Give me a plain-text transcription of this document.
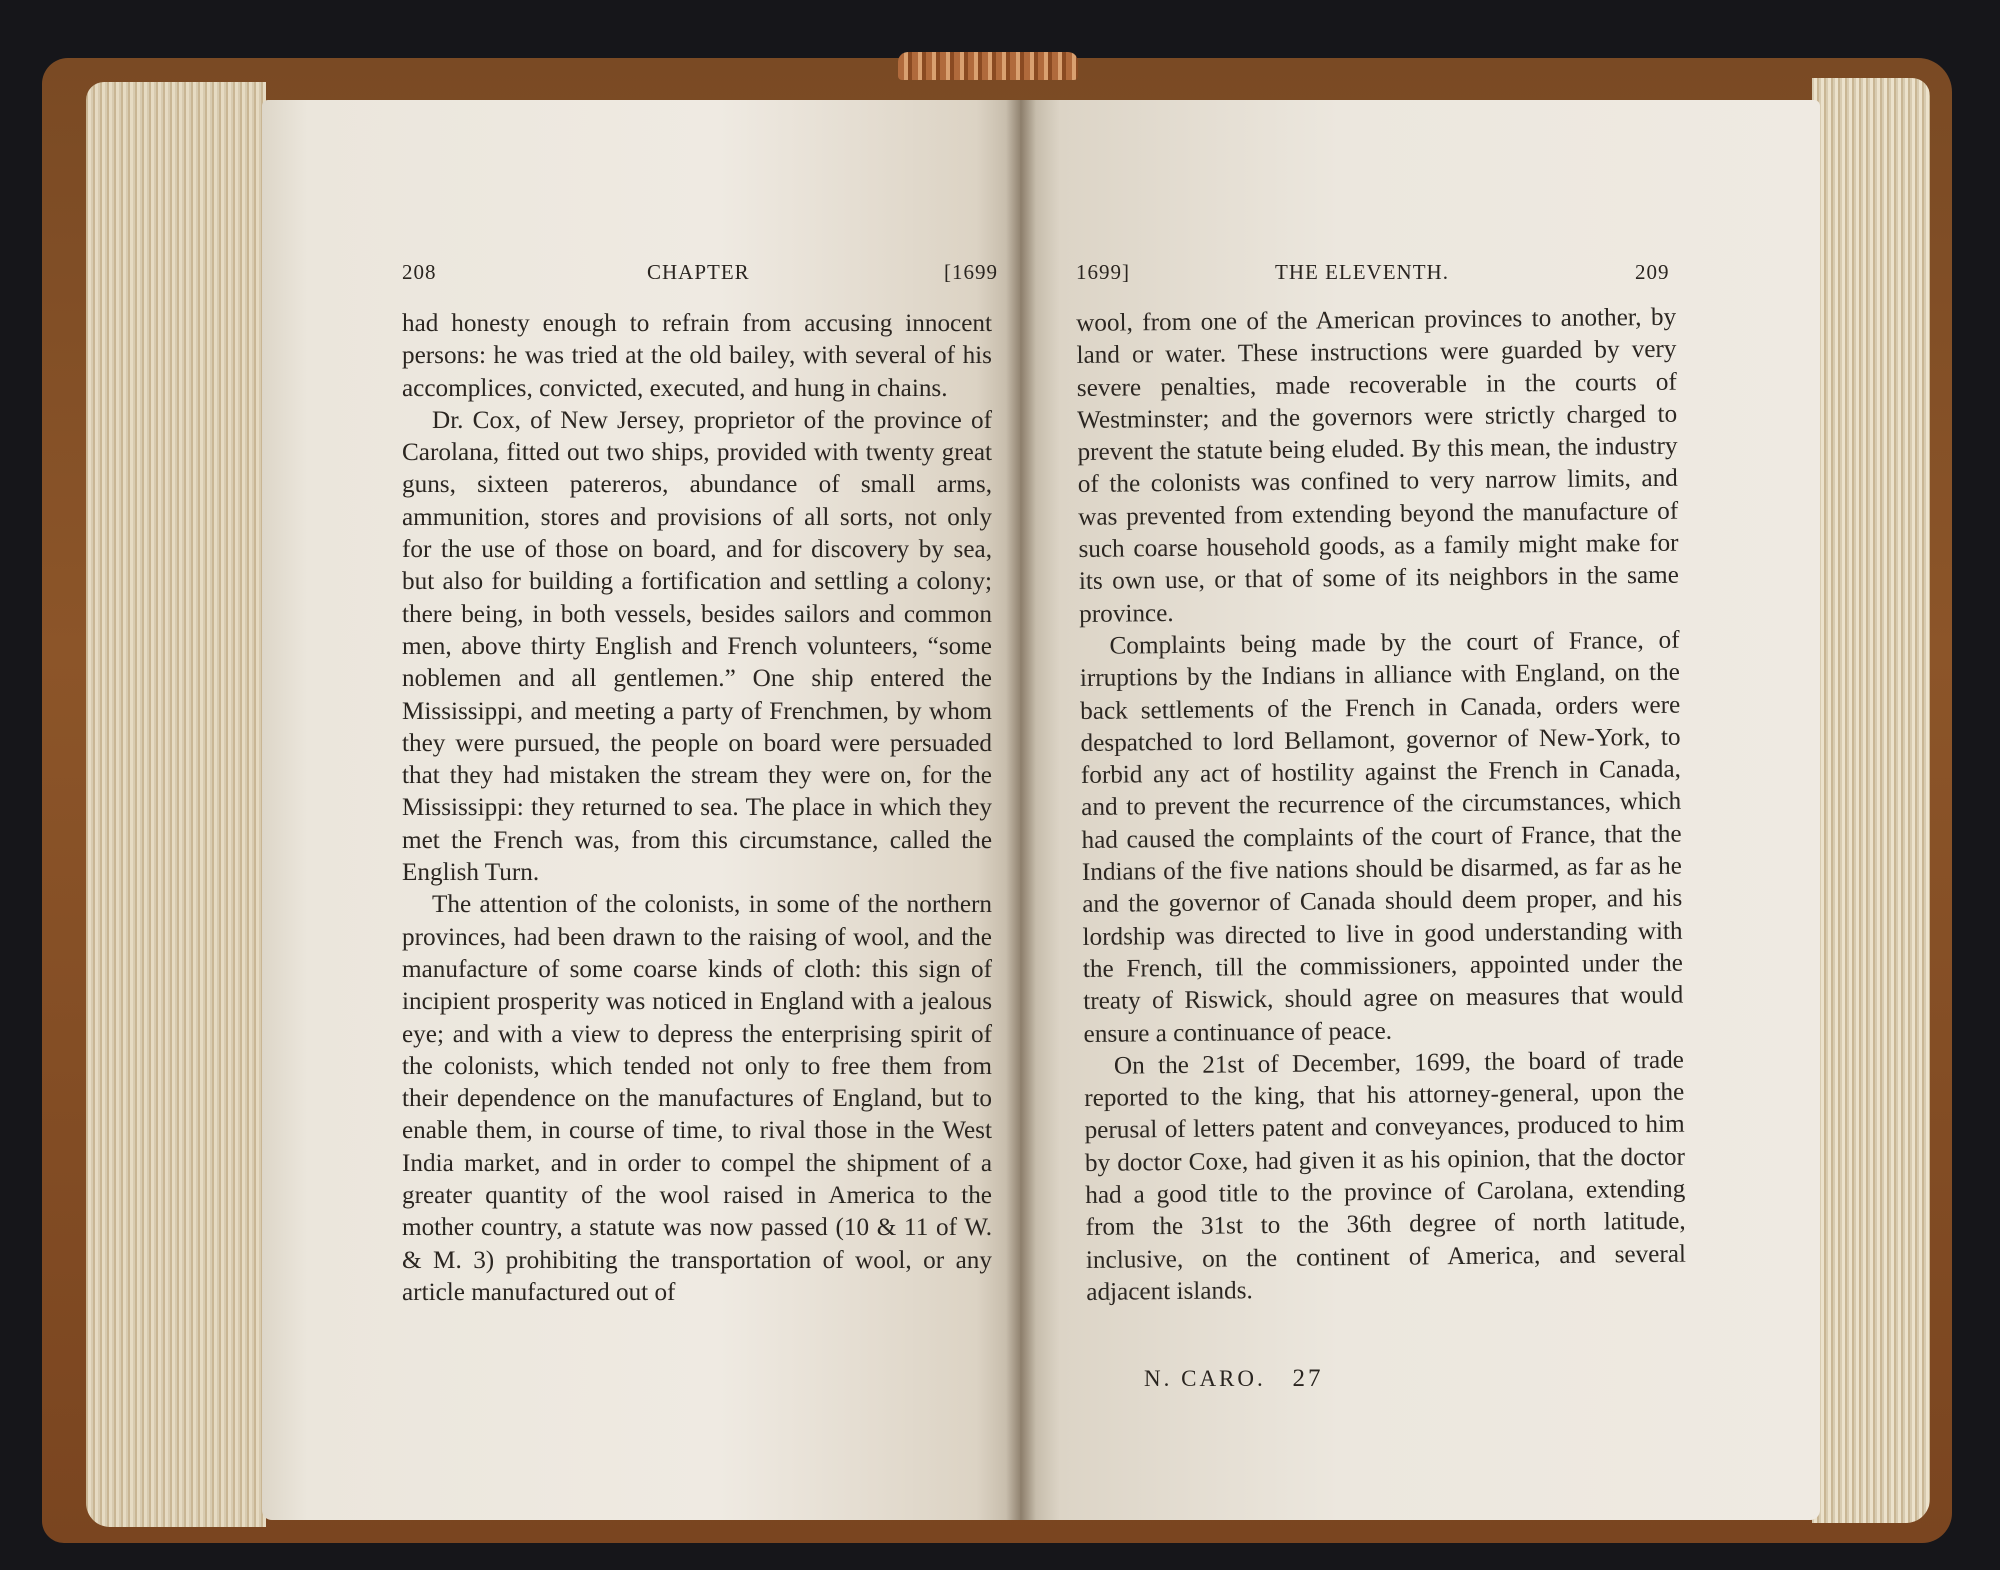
208	CHAPTER	[1699

had honesty enough to refrain from accusing innocent persons: he was tried at the old bailey, with several of his accomplices, convicted, executed, and hung in chains.

Dr. Cox, of New Jersey, proprietor of the province of Carolana, fitted out two ships, provided with twenty great guns, sixteen patereros, abundance of small arms, ammunition, stores and provisions of all sorts, not only for the use of those on board, and for discovery by sea, but also for building a fortification and settling a colony; there being, in both vessels, besides sailors and common men, above thirty English and French volunteers, “some noblemen and all gentlemen.” One ship entered the Mississippi, and meeting a party of Frenchmen, by whom they were pursued, the people on board were persuaded that they had mistaken the stream they were on, for the Mississippi: they returned to sea. The place in which they met the French was, from this circumstance, called the English Turn.

The attention of the colonists, in some of the northern provinces, had been drawn to the raising of wool, and the manufacture of some coarse kinds of cloth: this sign of incipient prosperity was noticed in England with a jealous eye; and with a view to depress the enterprising spirit of the colonists, which tended not only to free them from their dependence on the manufactures of England, but to enable them, in course of time, to rival those in the West India market, and in order to compel the shipment of a greater quantity of the wool raised in America to the mother country, a statute was now passed (10 & 11 of W. & M. 3) prohibiting the transportation of wool, or any article manufactured out of

1699]	THE ELEVENTH.	209

wool, from one of the American provinces to another, by land or water. These instructions were guarded by very severe penalties, made recoverable in the courts of Westminster; and the governors were strictly charged to prevent the statute being eluded. By this mean, the industry of the colonists was confined to very narrow limits, and was prevented from extending beyond the manufacture of such coarse household goods, as a family might make for its own use, or that of some of its neighbors in the same province.

Complaints being made by the court of France, of irruptions by the Indians in alliance with England, on the back settlements of the French in Canada, orders were despatched to lord Bellamont, governor of New-York, to forbid any act of hostility against the French in Canada, and to prevent the recurrence of the circumstances, which had caused the complaints of the court of France, that the Indians of the five nations should be disarmed, as far as he and the governor of Canada should deem proper, and his lordship was directed to live in good understanding with the French, till the commissioners, appointed under the treaty of Riswick, should agree on measures that would ensure a continuance of peace.

On the 21st of December, 1699, the board of trade reported to the king, that his attorney-general, upon the perusal of letters patent and conveyances, produced to him by doctor Coxe, had given it as his opinion, that the doctor had a good title to the province of Carolana, extending from the 31st to the 36th degree of north latitude, inclusive, on the continent of America, and several adjacent islands.

N. CARO. 27
